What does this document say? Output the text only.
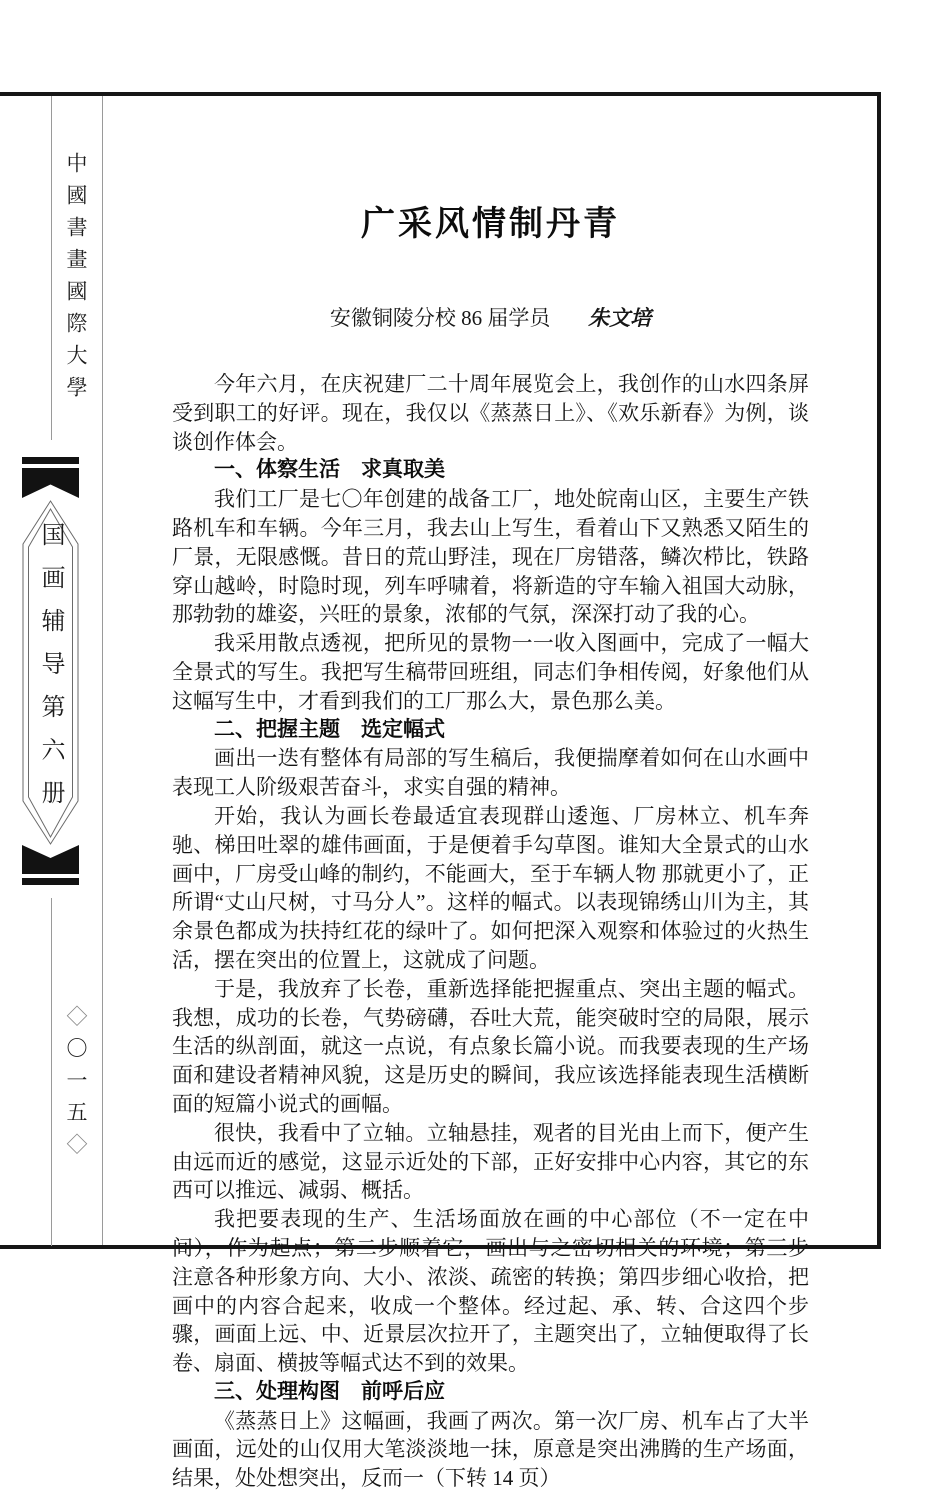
中國書畫國際大學
国画辅导第六册
◇〇一五◇
广采风情制丹青
安徽铜陵分校 86 届学员 朱文培

今年六月，在庆祝建厂二十周年展览会上，我创作的山水四条屏受到职工的好评。现在，我仅以《蒸蒸日上》、《欢乐新春》为例，谈谈创作体会。

一、体察生活　求真取美

我们工厂是七〇年创建的战备工厂，地处皖南山区，主要生产铁路机车和车辆。今年三月，我去山上写生，看着山下又熟悉又陌生的厂景，无限感慨。昔日的荒山野洼，现在厂房错落，鳞次栉比，铁路穿山越岭，时隐时现，列车呼啸着，将新造的守车输入祖国大动脉，那勃勃的雄姿，兴旺的景象，浓郁的气氛，深深打动了我的心。

我采用散点透视，把所见的景物一一收入图画中，完成了一幅大全景式的写生。我把写生稿带回班组，同志们争相传阅，好象他们从这幅写生中，才看到我们的工厂那么大，景色那么美。

二、把握主题　选定幅式

画出一迭有整体有局部的写生稿后，我便揣摩着如何在山水画中表现工人阶级艰苦奋斗，求实自强的精神。

开始，我认为画长卷最适宜表现群山逶迤、厂房林立、机车奔驰、梯田吐翠的雄伟画面，于是便着手勾草图。谁知大全景式的山水画中，厂房受山峰的制约，不能画大，至于车辆人物 那就更小了，正所谓“丈山尺树，寸马分人”。这样的幅式。以表现锦绣山川为主，其余景色都成为扶持红花的绿叶了。如何把深入观察和体验过的火热生活，摆在突出的位置上，这就成了问题。

于是，我放弃了长卷，重新选择能把握重点、突出主题的幅式。我想，成功的长卷，气势磅礴，吞吐大荒，能突破时空的局限，展示生活的纵剖面，就这一点说，有点象长篇小说。而我要表现的生产场面和建设者精神风貌，这是历史的瞬间，我应该选择能表现生活横断面的短篇小说式的画幅。

很快，我看中了立轴。立轴悬挂，观者的目光由上而下，便产生由远而近的感觉，这显示近处的下部，正好安排中心内容，其它的东西可以推远、减弱、概括。

我把要表现的生产、生活场面放在画的中心部位（不一定在中间），作为起点；第二步顺着它，画出与之密切相关的环境；第三步注意各种形象方向、大小、浓淡、疏密的转换；第四步细心收拾，把画中的内容合起来，收成一个整体。经过起、承、转、合这四个步骤，画面上远、中、近景层次拉开了，主题突出了，立轴便取得了长卷、扇面、横披等幅式达不到的效果。

三、处理构图　前呼后应

《蒸蒸日上》这幅画，我画了两次。第一次厂房、机车占了大半画面，远处的山仅用大笔淡淡地一抹，原意是突出沸腾的生产场面，结果，处处想突出，反而一（下转 14 页）
